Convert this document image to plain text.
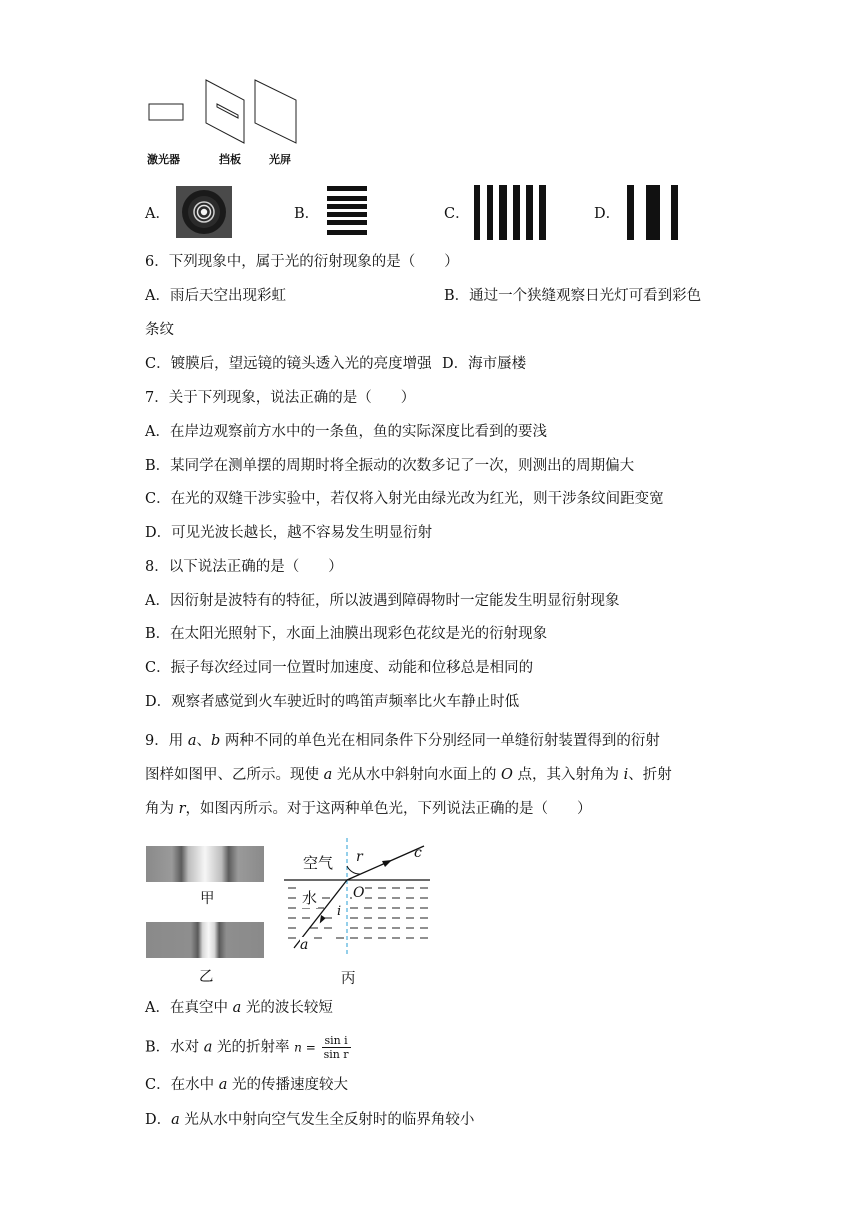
激光器	挡板	光屏
A．	B．	C．	D．
6．下列现象中，属于光的衍射现象的是（　　）
A．雨后天空出现彩虹	B．通过一个狭缝观察日光灯可看到彩色
条纹
C．镀膜后，望远镜的镜头透入光的亮度增强 D．海市蜃楼
7．关于下列现象，说法正确的是（　　）
A．在岸边观察前方水中的一条鱼，鱼的实际深度比看到的要浅
B．某同学在测单摆的周期时将全振动的次数多记了一次，则测出的周期偏大
C．在光的双缝干涉实验中，若仅将入射光由绿光改为红光，则干涉条纹间距变宽
D．可见光波长越长，越不容易发生明显衍射
8．以下说法正确的是（　　）
A．因衍射是波特有的特征，所以波遇到障碍物时一定能发生明显衍射现象
B．在太阳光照射下，水面上油膜出现彩色花纹是光的衍射现象
C．振子每次经过同一位置时加速度、动能和位移总是相同的
D．观察者感觉到火车驶近时的鸣笛声频率比火车静止时低
9．用 a、b 两种不同的单色光在相同条件下分别经同一单缝衍射装置得到的衍射
图样如图甲、乙所示。现使 a 光从水中斜射向水面上的 O 点，其入射角为 i、折射
角为 r，如图丙所示。对于这两种单色光，下列说法正确的是（　　）
甲
乙
空气 r	c
水	O
i
a
丙
A．在真空中 a 光的波长较短
B．水对 a 光的折射率 $n = \frac{\text{sin i}}{\text{sin r}}$
C．在水中 a 光的传播速度较大
D．a 光从水中射向空气发生全反射时的临界角较小
